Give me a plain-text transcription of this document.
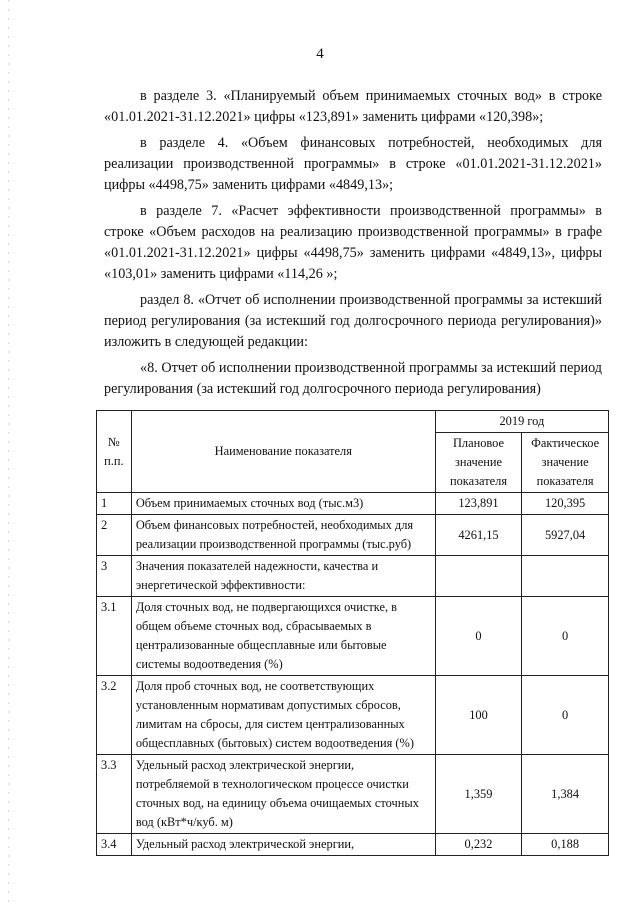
4

в разделе 3. «Планируемый объем принимаемых сточных вод» в строке «01.01.2021-31.12.2021» цифры «123,891» заменить цифрами «120,398»;

в разделе 4. «Объем финансовых потребностей, необходимых для реализации производственной программы» в строке «01.01.2021-31.12.2021» цифры «4498,75» заменить цифрами «4849,13»;

в разделе 7. «Расчет эффективности производственной программы» в строке «Объем расходов на реализацию производственной программы» в графе «01.01.2021-31.12.2021» цифры «4498,75» заменить цифрами «4849,13», цифры «103,01» заменить цифрами «114,26 »;

раздел 8. «Отчет об исполнении производственной программы за истекший период регулирования (за истекший год долгосрочного периода регулирования)» изложить в следующей редакции:

«8. Отчет об исполнении производственной программы за истекший период регулирования (за истекший год долгосрочного периода регулирования)

№ п.п.	Наименование показателя	2019 год	
		Плановое значение показателя	Фактическое значение показателя
1	Объем принимаемых сточных вод (тыс.м3)	123,891	120,395
2	Объем финансовых потребностей, необходимых для реализации производственной программы (тыс.руб)	4261,15	5927,04
3	Значения показателей надежности, качества и энергетической эффективности:		
3.1	Доля сточных вод, не подвергающихся очистке, в общем объеме сточных вод, сбрасываемых в централизованные общесплавные или бытовые системы водоотведения (%)	0	0
3.2	Доля проб сточных вод, не соответствующих установленным нормативам допустимых сбросов, лимитам на сбросы, для систем централизованных общесплавных (бытовых) систем водоотведения (%)	100	0
3.3	Удельный расход электрической энергии, потребляемой в технологическом процессе очистки сточных вод, на единицу объема очищаемых сточных вод (кВт*ч/куб. м)	1,359	1,384
3.4	Удельный расход электрической энергии,	0,232	0,188
